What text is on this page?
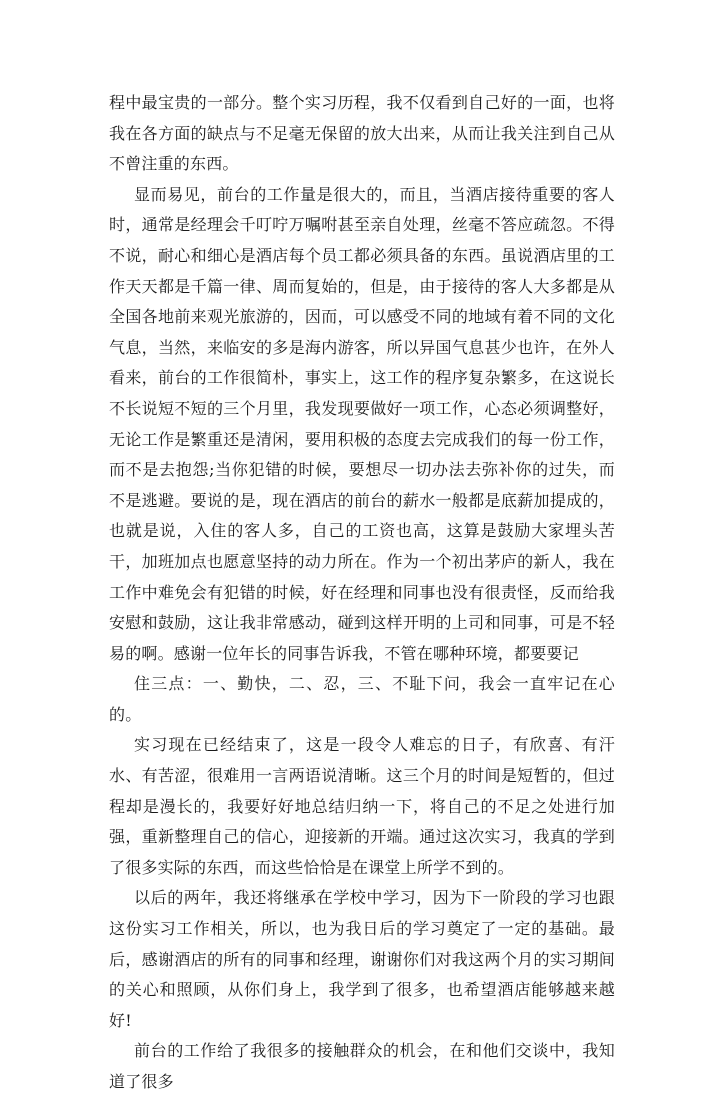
程中最宝贵的一部分。整个实习历程，我不仅看到自己好的一面，也将我在各方面的缺点与不足毫无保留的放大出来，从而让我关注到自己从不曾注重的东西。

显而易见，前台的工作量是很大的，而且，当酒店接待重要的客人时，通常是经理会千叮咛万嘱咐甚至亲自处理，丝毫不答应疏忽。不得不说，耐心和细心是酒店每个员工都必须具备的东西。虽说酒店里的工作天天都是千篇一律、周而复始的，但是，由于接待的客人大多都是从全国各地前来观光旅游的，因而，可以感受不同的地域有着不同的文化气息，当然，来临安的多是海内游客，所以异国气息甚少也许，在外人看来，前台的工作很简朴，事实上，这工作的程序复杂繁多，在这说长不长说短不短的三个月里，我发现要做好一项工作，心态必须调整好，无论工作是繁重还是清闲，要用积极的态度去完成我们的每一份工作，而不是去抱怨;当你犯错的时候，要想尽一切办法去弥补你的过失，而不是逃避。要说的是，现在酒店的前台的薪水一般都是底薪加提成的，也就是说，入住的客人多，自己的工资也高，这算是鼓励大家埋头苦干，加班加点也愿意坚持的动力所在。作为一个初出茅庐的新人，我在工作中难免会有犯错的时候，好在经理和同事也没有很责怪，反而给我安慰和鼓励，这让我非常感动，碰到这样开明的上司和同事，可是不轻易的啊。感谢一位年长的同事告诉我，不管在哪种环境，都要要记

住三点：一、勤快，二、忍，三、不耻下问，我会一直牢记在心的。

实习现在已经结束了，这是一段令人难忘的日子，有欣喜、有汗水、有苦涩，很难用一言两语说清晰。这三个月的时间是短暂的，但过程却是漫长的，我要好好地总结归纳一下，将自己的不足之处进行加强，重新整理自己的信心，迎接新的开端。通过这次实习，我真的学到了很多实际的东西，而这些恰恰是在课堂上所学不到的。

以后的两年，我还将继承在学校中学习，因为下一阶段的学习也跟这份实习工作相关，所以，也为我日后的学习奠定了一定的基础。最后，感谢酒店的所有的同事和经理，谢谢你们对我这两个月的实习期间的关心和照顾，从你们身上，我学到了很多，也希望酒店能够越来越好!

前台的工作给了我很多的接触群众的机会，在和他们交谈中，我知道了很多
